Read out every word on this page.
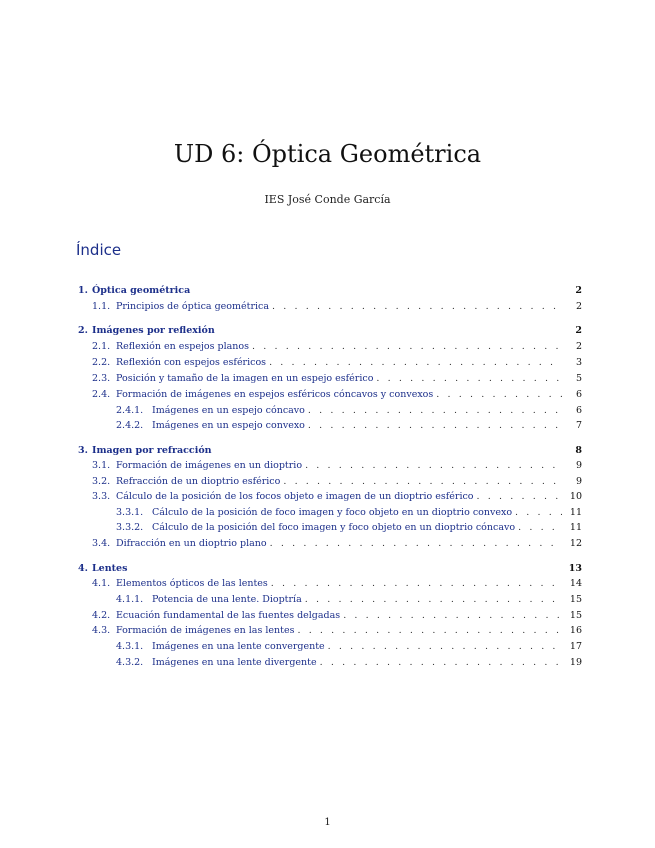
UD 6: Óptica Geométrica
IES José Conde García
Índice
1. Óptica geométrica	2
1.1. Principios de óptica geométrica . . .	2
2. Imágenes por reflexión	2
2.1. Reflexión en espejos planos . . .	2
2.2. Reflexión con espejos esféricos . . .	3
2.3. Posición y tamaño de la imagen en un espejo esférico . . .	5
2.4. Formación de imágenes en espejos esféricos cóncavos y convexos . . .	6
2.4.1. Imágenes en un espejo cóncavo . . .	6
2.4.2. Imágenes en un espejo convexo . . .	7
3. Imagen por refracción	8
3.1. Formación de imágenes en un dioptrio . . .	9
3.2. Refracción de un dioptrio esférico . . .	9
3.3. Cálculo de la posición de los focos objeto e imagen de un dioptrio esférico . . .	10
3.3.1. Cálculo de la posición de foco imagen y foco objeto en un dioptrio convexo . . .	11
3.3.2. Cálculo de la posición del foco imagen y foco objeto en un dioptrio cóncavo . . .	11
3.4. Difracción en un dioptrio plano . . .	12
4. Lentes	13
4.1. Elementos ópticos de las lentes . . .	14
4.1.1. Potencia de una lente. Dioptría . . .	15
4.2. Ecuación fundamental de las fuentes delgadas . . .	15
4.3. Formación de imágenes en las lentes . . .	16
4.3.1. Imágenes en una lente convergente . . .	17
4.3.2. Imágenes en una lente divergente . . .	19
1
